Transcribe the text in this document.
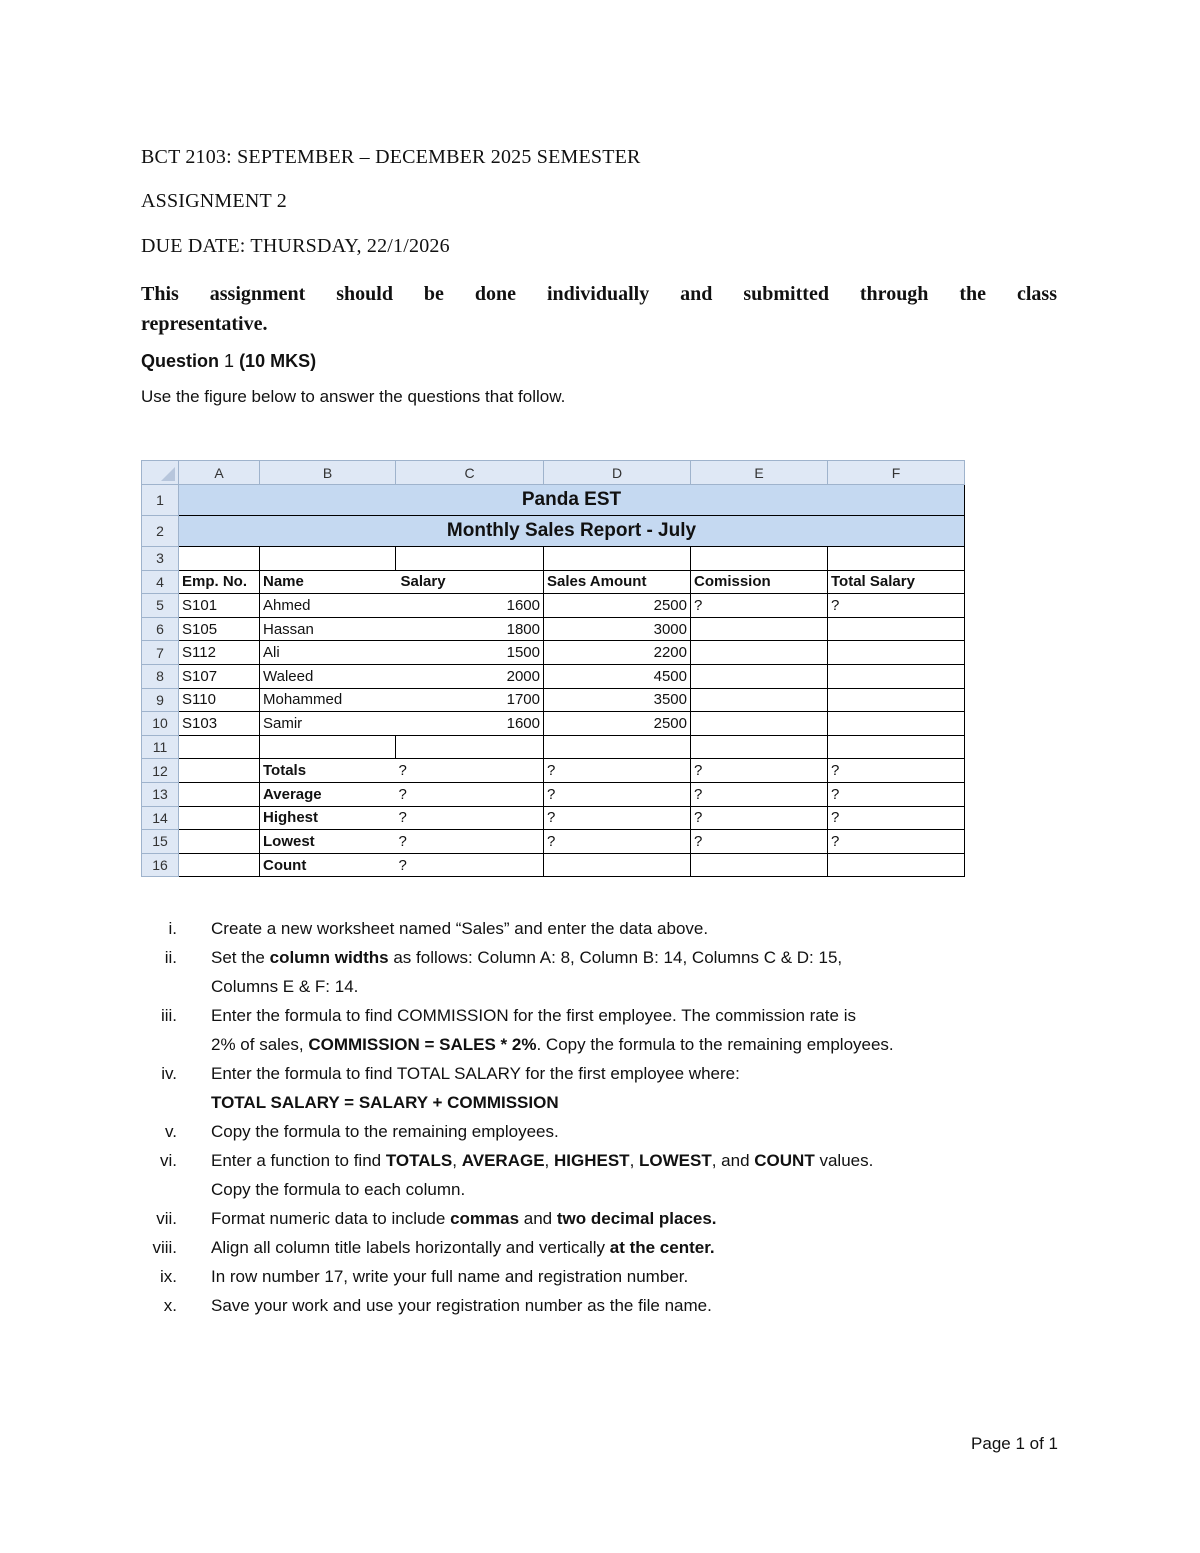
BCT 2103: SEPTEMBER – DECEMBER 2025 SEMESTER
ASSIGNMENT 2
DUE DATE: THURSDAY, 22/1/2026
This assignment should be done individually and submitted through the class
representative.
Question 1 (10 MKS)
Use the figure below to answer the questions that follow.
	A	B	C	D	E	F
1	Panda EST					
2	Monthly Sales Report - July					
3						
4	Emp. No.	Name	Salary	Sales Amount	Comission	Total Salary
5	S101	Ahmed	1600	2500	?	?
6	S105	Hassan	1800	3000		
7	S112	Ali	1500	2200		
8	S107	Waleed	2000	4500		
9	S110	Mohammed	1700	3500		
10	S103	Samir	1600	2500		
11						
12		Totals	?	?	?	?
13		Average	?	?	?	?
14		Highest	?	?	?	?
15		Lowest	?	?	?	?
16		Count	?			
i. Create a new worksheet named “Sales” and enter the data above.
ii. Set the column widths as follows: Column A: 8, Column B: 14, Columns C & D: 15,
Columns E & F: 14.
iii. Enter the formula to find COMMISSION for the first employee. The commission rate is
2% of sales, COMMISSION = SALES * 2%. Copy the formula to the remaining employees.
iv. Enter the formula to find TOTAL SALARY for the first employee where:
TOTAL SALARY = SALARY + COMMISSION
v. Copy the formula to the remaining employees.
vi. Enter a function to find TOTALS, AVERAGE, HIGHEST, LOWEST, and COUNT values.
Copy the formula to each column.
vii. Format numeric data to include commas and two decimal places.
viii. Align all column title labels horizontally and vertically at the center.
ix. In row number 17, write your full name and registration number.
x. Save your work and use your registration number as the file name.
Page 1 of 1
